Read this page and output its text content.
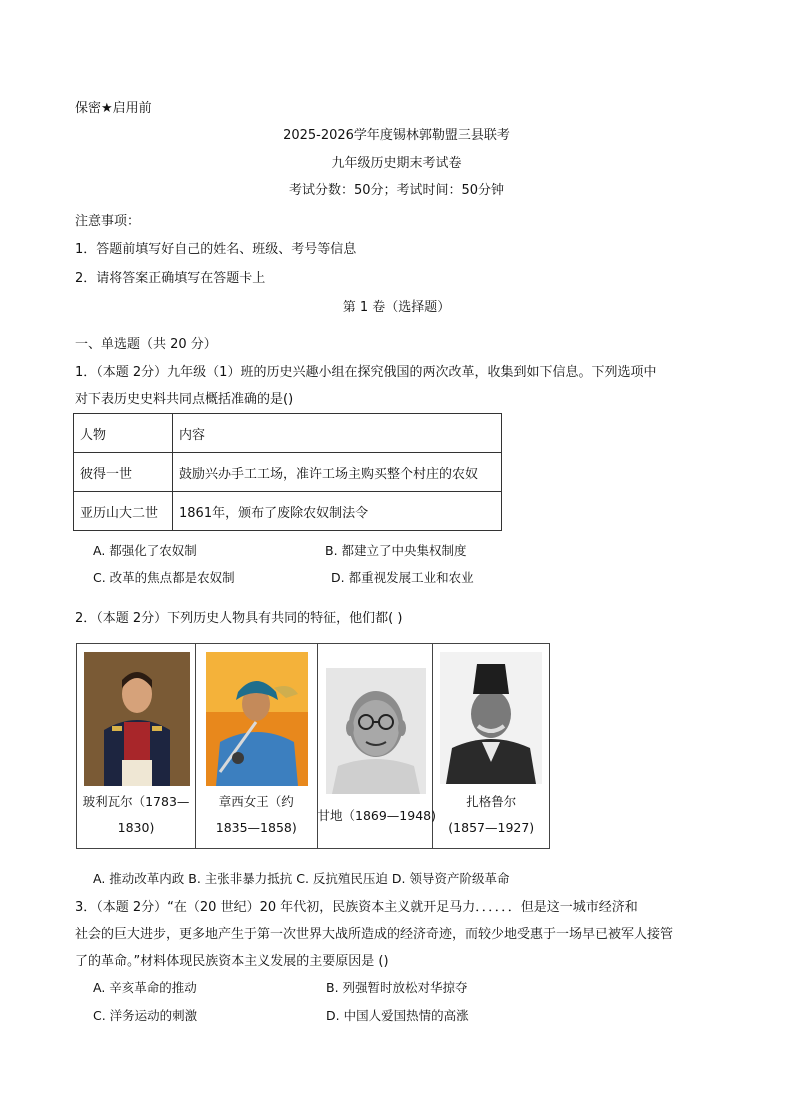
保密★启用前
2025-2026学年度锡林郭勒盟三县联考
九年级历史期末考试卷
考试分数：50分；考试时间：50分钟
注意事项：
1．答题前填写好自己的姓名、班级、考号等信息
2．请将答案正确填写在答题卡上
第 1 卷（选择题）
一、单选题（共 20 分）
1．（本题 2分）九年级（1）班的历史兴趣小组在探究俄国的两次改革，收集到如下信息。下列选项中
对下表历史史料共同点概括准确的是()
人物	内容
彼得一世	鼓励兴办手工工场，准许工场主购买整个村庄的农奴
亚历山大二世	1861年，颁布了废除农奴制法令
A. 都强化了农奴制	B. 都建立了中央集权制度
C. 改革的焦点都是农奴制	D. 都重视发展工业和农业
2．（本题 2分）下列历史人物具有共同的特征，他们都( )
玻利瓦尔（1783—
1830)
章西女王（约
1835—1858)
甘地（1869—1948)
扎格鲁尔
(1857—1927)
A. 推动改革内政 B. 主张非暴力抵抗 C. 反抗殖民压迫 D. 领导资产阶级革命
3．（本题 2分）“在（20 世纪）20 年代初，民族资本主义就开足马力．．．．．．但是这一城市经济和
社会的巨大进步，更多地产生于第一次世界大战所造成的经济奇迹，而较少地受惠于一场早已被军人接管
了的革命。”材料体现民族资本主义发展的主要原因是 ()
A. 辛亥革命的推动	B. 列强暂时放松对华掠夺
C. 洋务运动的刺激	D. 中国人爱国热情的高涨
